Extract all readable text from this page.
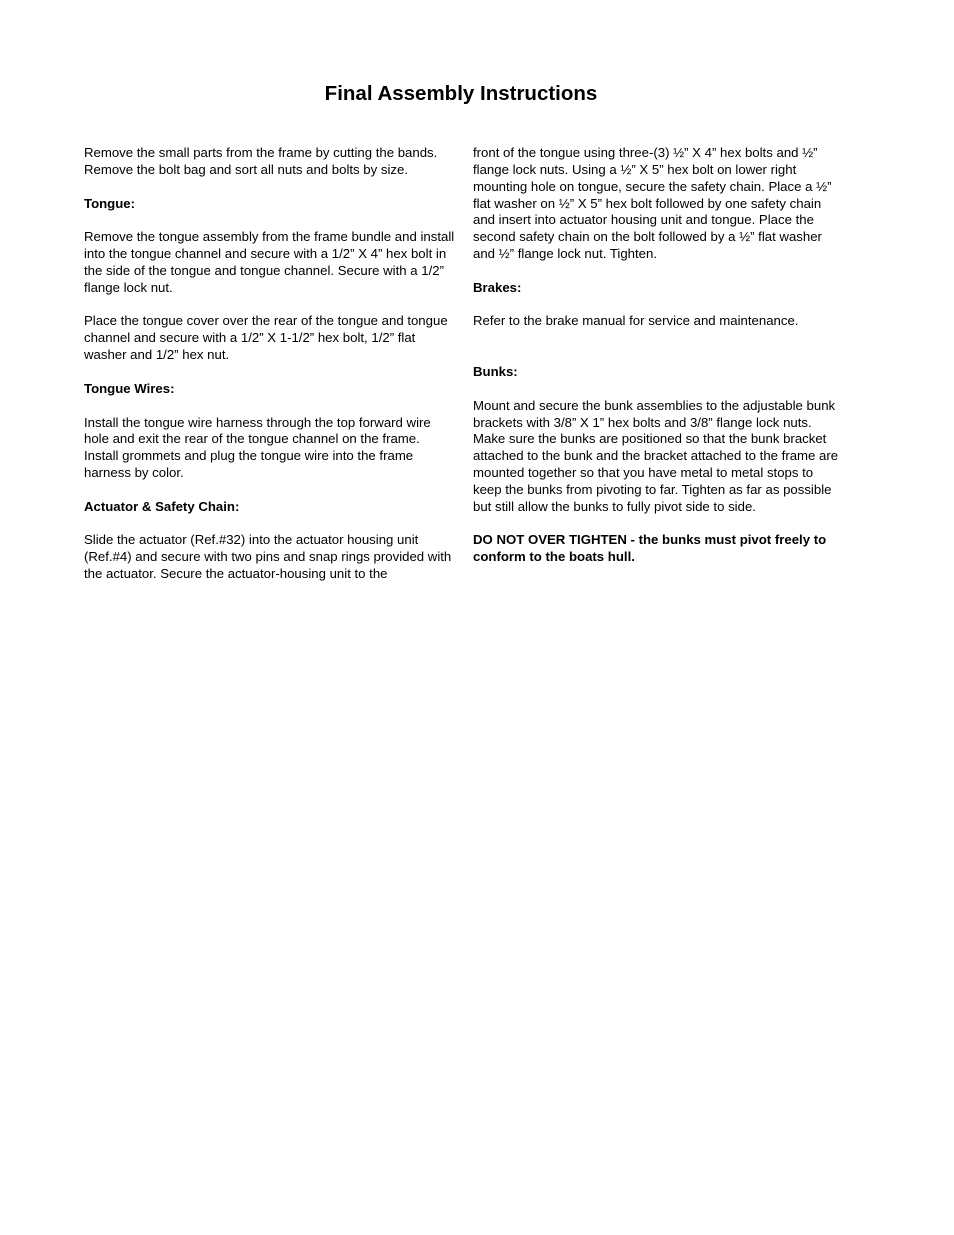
Final Assembly Instructions

Remove the small parts from the frame by cutting the bands. Remove the bolt bag and sort all nuts and bolts by size.

Tongue:

Remove the tongue assembly from the frame bundle and install into the tongue channel and secure with a 1/2” X 4” hex bolt in the side of the tongue and tongue channel. Secure with a 1/2” flange lock nut.

Place the tongue cover over the rear of the tongue and tongue channel and secure with a 1/2” X 1-1/2” hex bolt, 1/2” flat washer and 1/2” hex nut.

Tongue Wires:

Install the tongue wire harness through the top forward wire hole and exit the rear of the tongue channel on the frame. Install grommets and plug the tongue wire into the frame harness by color.

Actuator & Safety Chain:

Slide the actuator (Ref.#32) into the actuator housing unit (Ref.#4) and secure with two pins and snap rings provided with the actuator. Secure the actuator-housing unit to the

front of the tongue using three-(3) ½” X 4” hex bolts and ½” flange lock nuts. Using a ½” X 5” hex bolt on lower right mounting hole on tongue, secure the safety chain. Place a ½” flat washer on ½” X 5” hex bolt followed by one safety chain and insert into actuator housing unit and tongue. Place the second safety chain on the bolt followed by a ½” flat washer and ½” flange lock nut. Tighten.

Brakes:

Refer to the brake manual for service and maintenance.

Bunks:

Mount and secure the bunk assemblies to the adjustable bunk brackets with 3/8” X 1” hex bolts and 3/8” flange lock nuts. Make sure the bunks are positioned so that the bunk bracket attached to the bunk and the bracket attached to the frame are mounted together so that you have metal to metal stops to keep the bunks from pivoting to far. Tighten as far as possible but still allow the bunks to fully pivot side to side.

DO NOT OVER TIGHTEN - the bunks must pivot freely to conform to the boats hull.
